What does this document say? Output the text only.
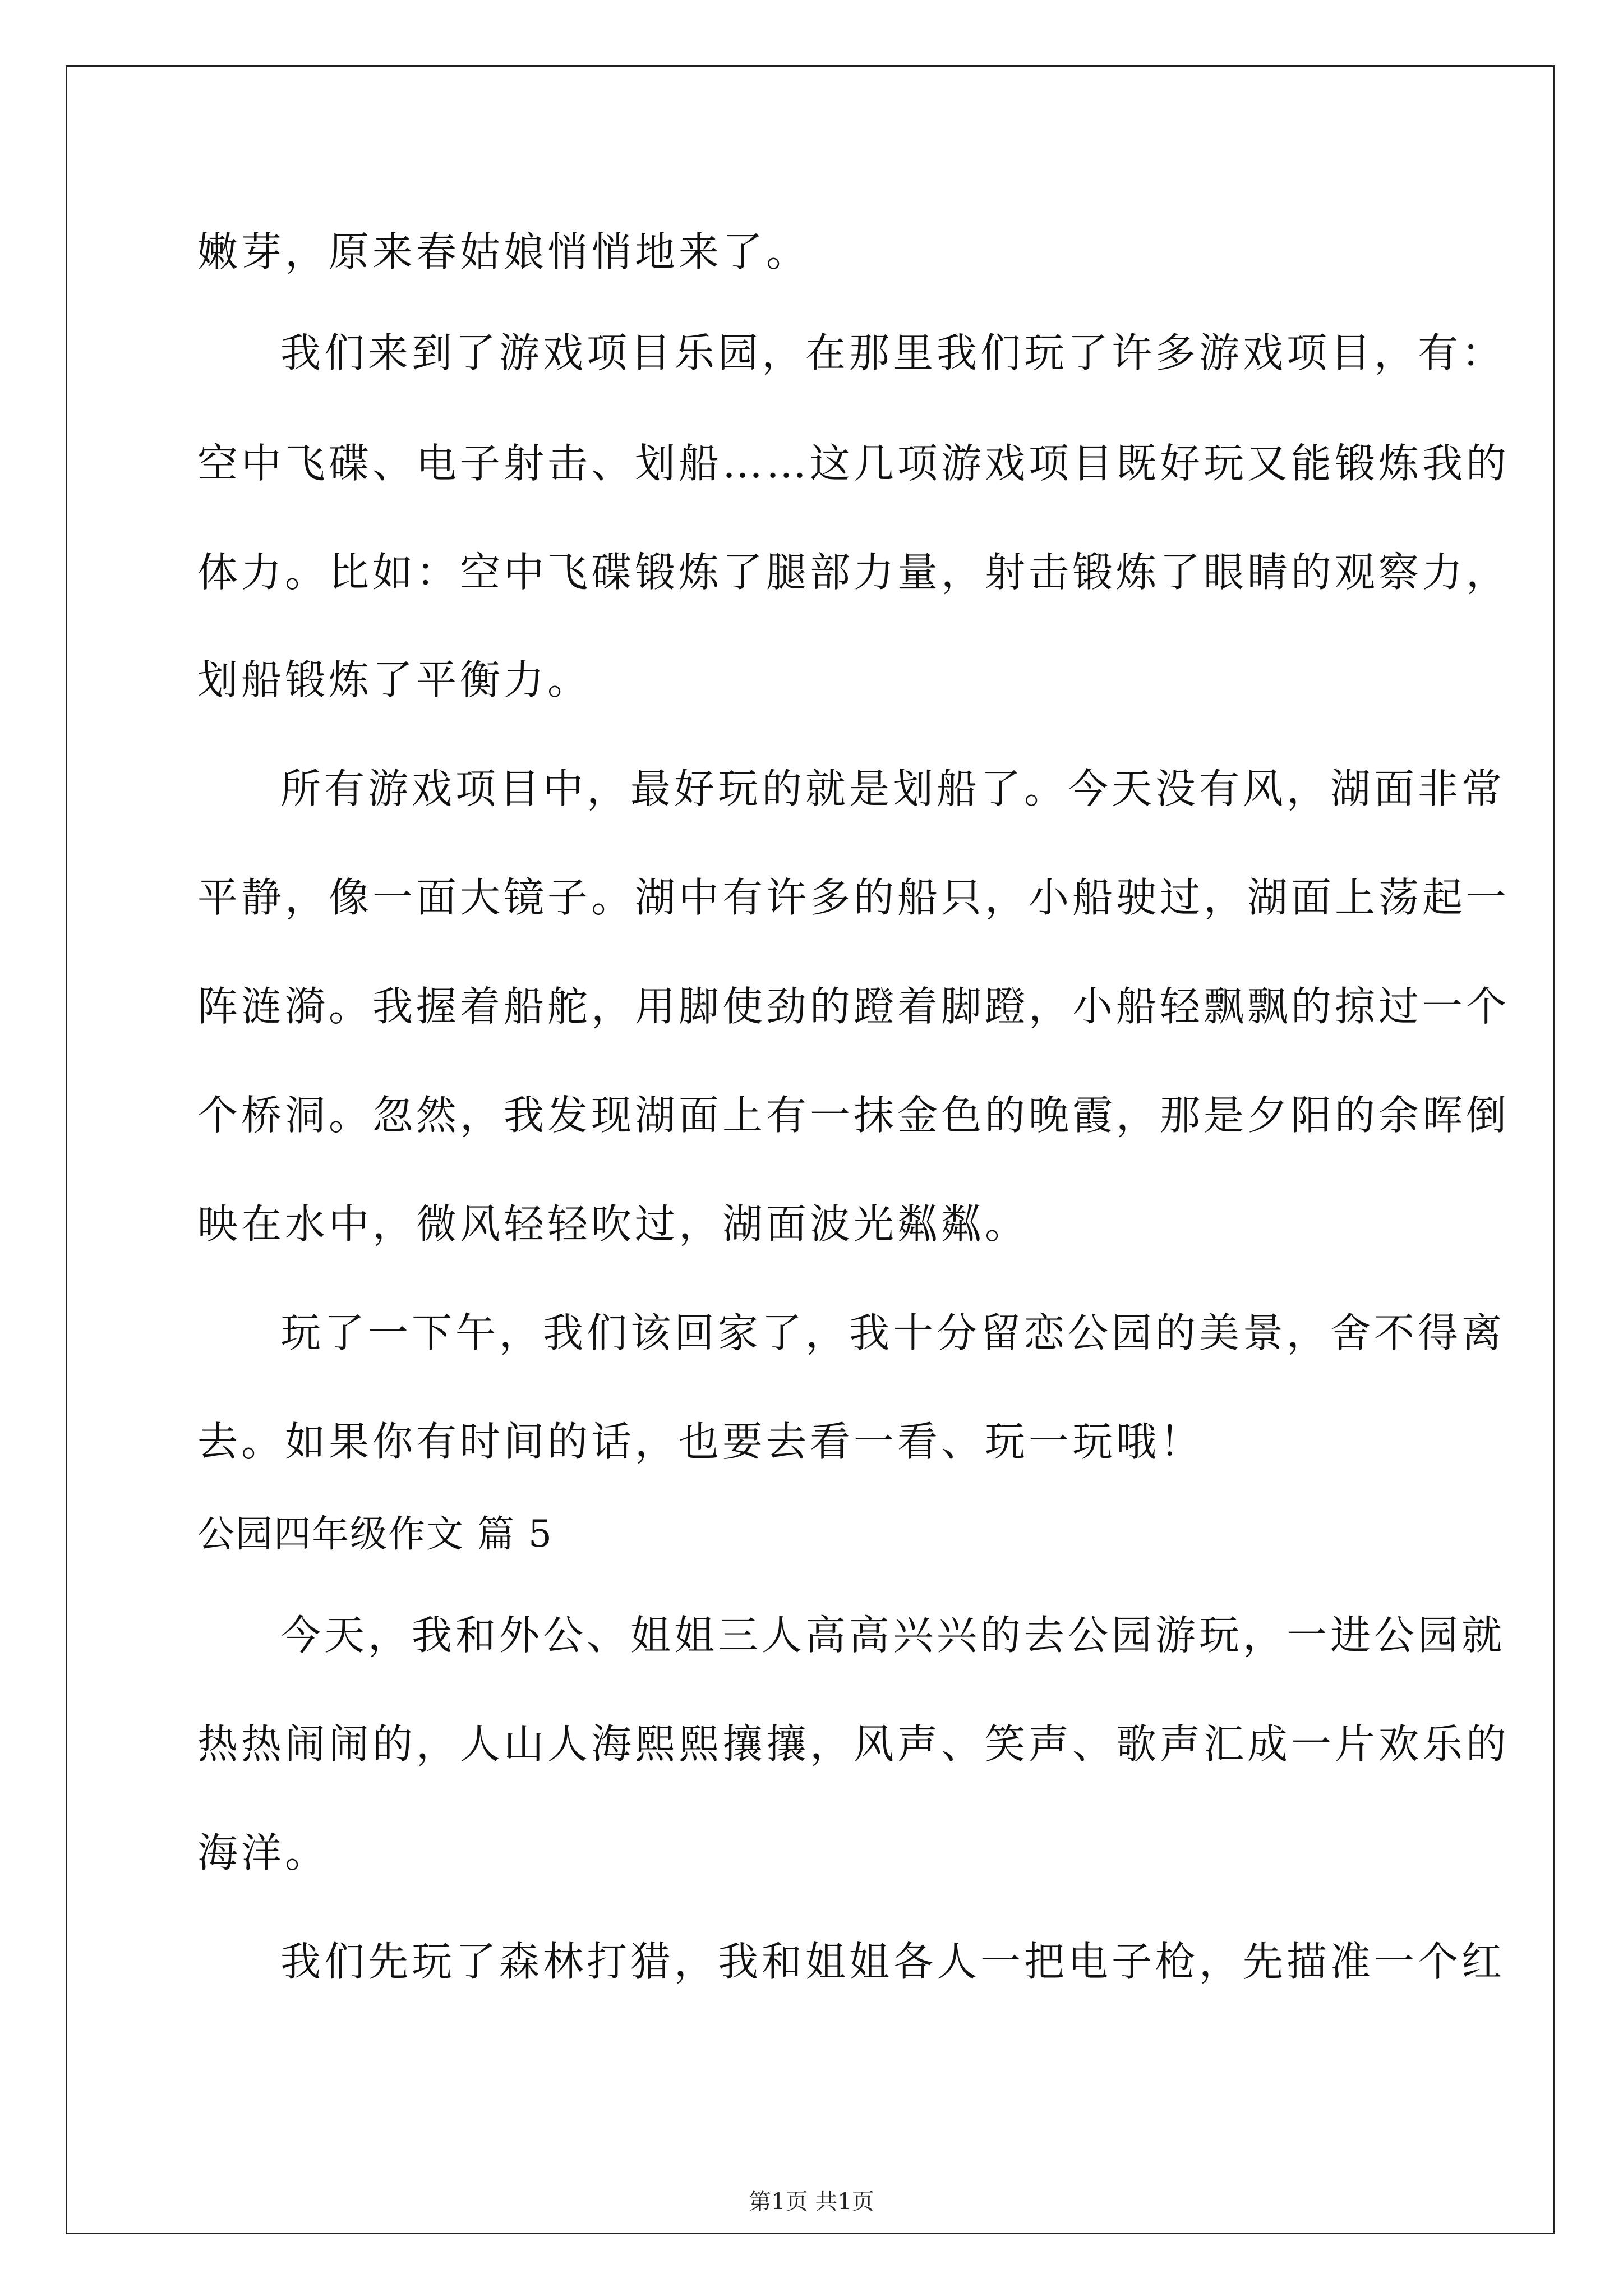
嫩芽，原来春姑娘悄悄地来了。
我们来到了游戏项目乐园，在那里我们玩了许多游戏项目，有：
空中飞碟、电子射击、划船……这几项游戏项目既好玩又能锻炼我的
体力。比如：空中飞碟锻炼了腿部力量，射击锻炼了眼睛的观察力，
划船锻炼了平衡力。
所有游戏项目中，最好玩的就是划船了。今天没有风，湖面非常
平静，像一面大镜子。湖中有许多的船只，小船驶过，湖面上荡起一
阵涟漪。我握着船舵，用脚使劲的蹬着脚蹬，小船轻飘飘的掠过一个
个桥洞。忽然，我发现湖面上有一抹金色的晚霞，那是夕阳的余晖倒
映在水中，微风轻轻吹过，湖面波光粼粼。
玩了一下午，我们该回家了，我十分留恋公园的美景，舍不得离
去。如果你有时间的话，也要去看一看、玩一玩哦！
公园四年级作文 篇 5
今天，我和外公、姐姐三人高高兴兴的去公园游玩，一进公园就
热热闹闹的，人山人海熙熙攘攘，风声、笑声、歌声汇成一片欢乐的
海洋。
我们先玩了森林打猎，我和姐姐各人一把电子枪，先描准一个红
第1页 共1页
